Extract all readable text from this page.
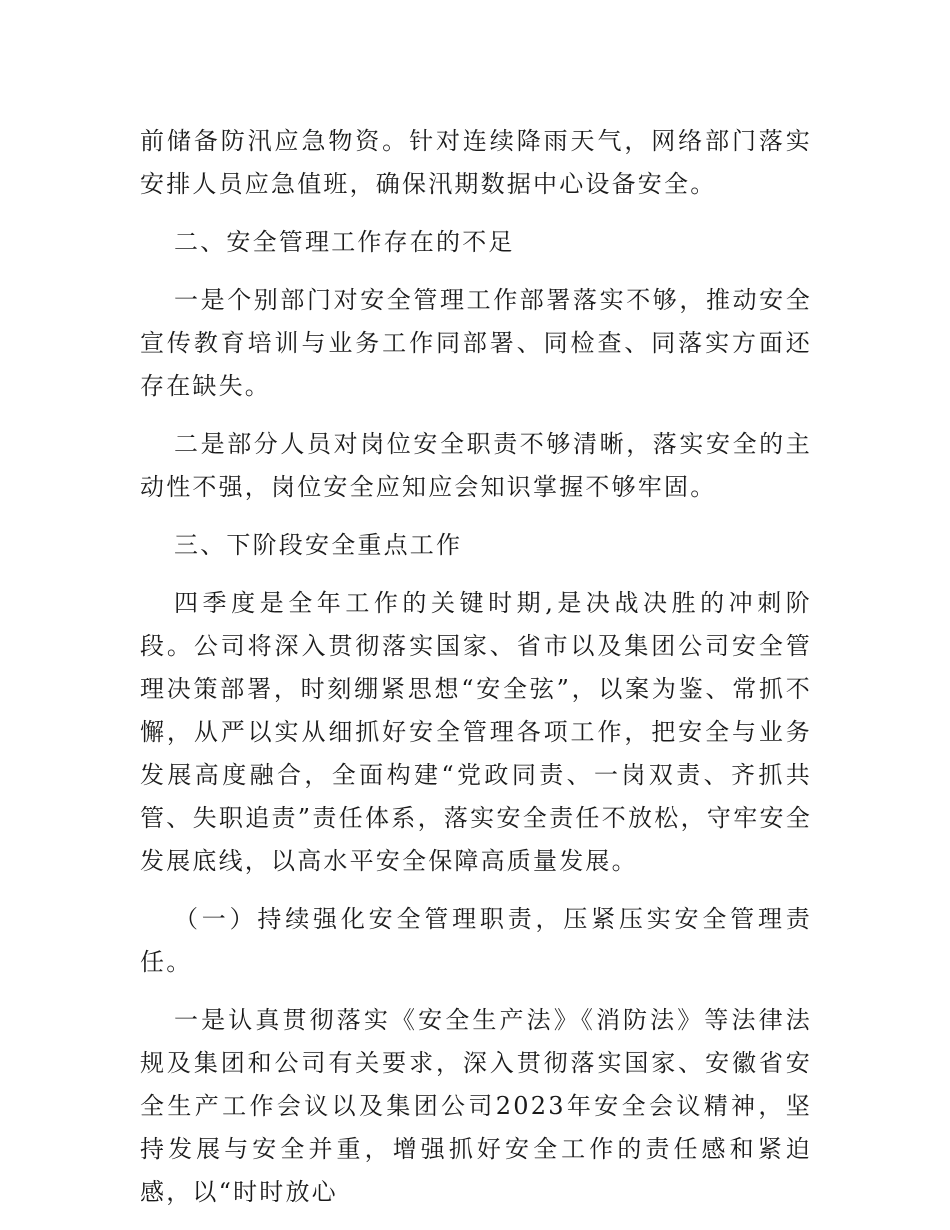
前储备防汛应急物资。针对连续降雨天气，网络部门落实安排人员应急值班，确保汛期数据中心设备安全。

二、安全管理工作存在的不足

一是个别部门对安全管理工作部署落实不够，推动安全宣传教育培训与业务工作同部署、同检查、同落实方面还存在缺失。

二是部分人员对岗位安全职责不够清晰，落实安全的主动性不强，岗位安全应知应会知识掌握不够牢固。

三、下阶段安全重点工作

四季度是全年工作的关键时期,是决战决胜的冲刺阶段。公司将深入贯彻落实国家、省市以及集团公司安全管理决策部署，时刻绷紧思想“安全弦”，以案为鉴、常抓不懈，从严以实从细抓好安全管理各项工作，把安全与业务发展高度融合，全面构建“党政同责、一岗双责、齐抓共管、失职追责”责任体系，落实安全责任不放松，守牢安全发展底线，以高水平安全保障高质量发展。

（一）持续强化安全管理职责，压紧压实安全管理责任。

一是认真贯彻落实《安全生产法》《消防法》等法律法规及集团和公司有关要求，深入贯彻落实国家、安徽省安全生产工作会议以及集团公司2023年安全会议精神，坚持发展与安全并重，增强抓好安全工作的责任感和紧迫感，以“时时放心
